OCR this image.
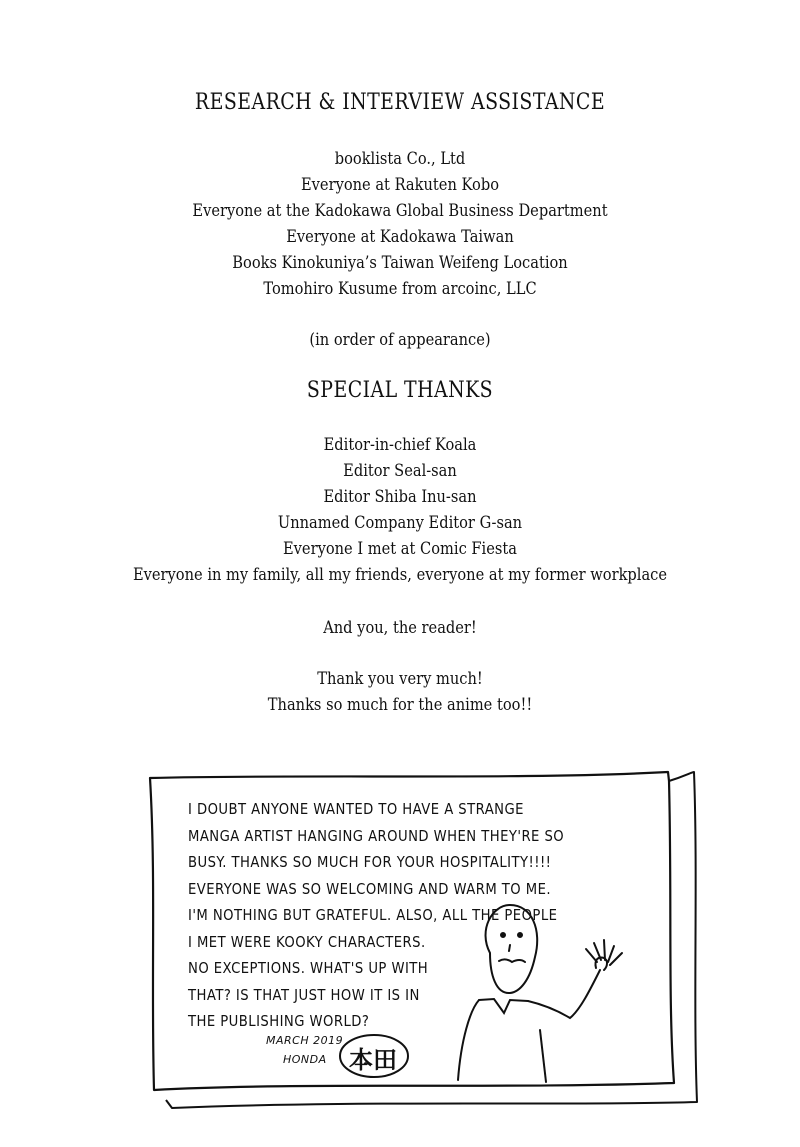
RESEARCH & INTERVIEW ASSISTANCE
booklista Co., Ltd
Everyone at Rakuten Kobo
Everyone at the Kadokawa Global Business Department
Everyone at Kadokawa Taiwan
Books Kinokuniya’s Taiwan Weifeng Location
Tomohiro Kusume from arcoinc, LLC
(in order of appearance)
SPECIAL THANKS
Editor-in-chief Koala
Editor Seal-san
Editor Shiba Inu-san
Unnamed Company Editor G-san
Everyone I met at Comic Fiesta
Everyone in my family, all my friends, everyone at my former workplace
And you, the reader!
Thank you very much!
Thanks so much for the anime too!!
I DOUBT ANYONE WANTED TO HAVE A STRANGE
MANGA ARTIST HANGING AROUND WHEN THEY'RE SO
BUSY. THANKS SO MUCH FOR YOUR HOSPITALITY!!!!
EVERYONE WAS SO WELCOMING AND WARM TO ME.
I'M NOTHING BUT GRATEFUL. ALSO, ALL THE PEOPLE
I MET WERE KOOKY CHARACTERS.
NO EXCEPTIONS. WHAT'S UP WITH
THAT? IS THAT JUST HOW IT IS IN
THE PUBLISHING WORLD?
MARCH 2019
HONDA 本田
